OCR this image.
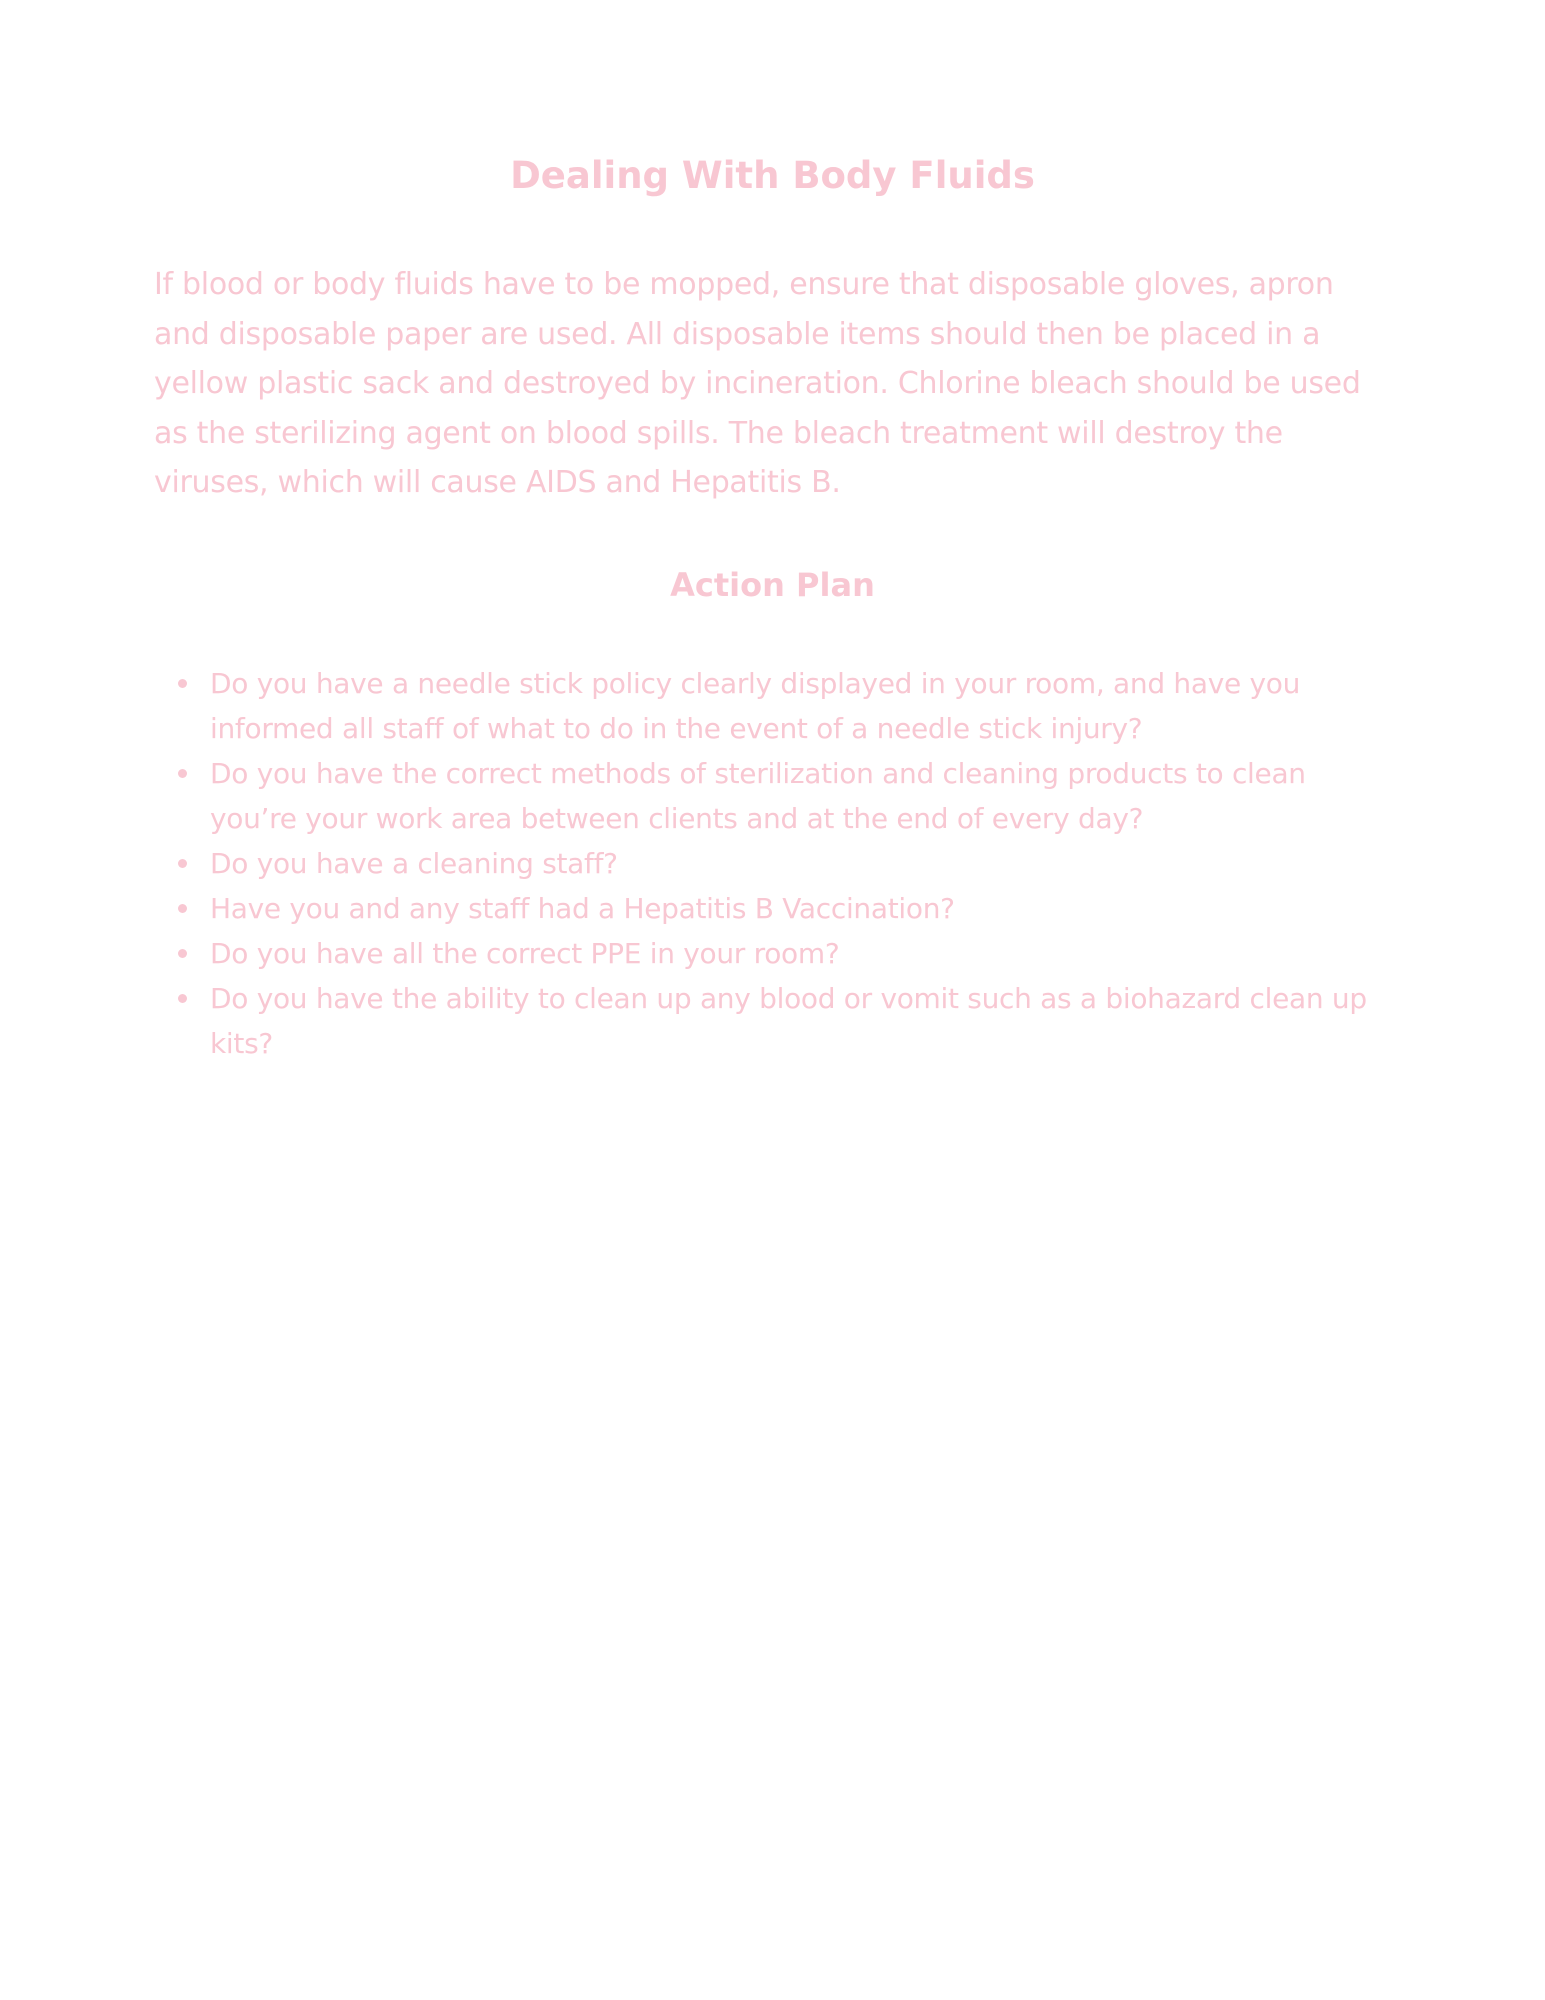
Dealing With Body Fluids

If blood or body fluids have to be mopped, ensure that disposable gloves, apron and disposable paper are used. All disposable items should then be placed in a yellow plastic sack and destroyed by incineration. Chlorine bleach should be used as the sterilizing agent on blood spills. The bleach treatment will destroy the viruses, which will cause AIDS and Hepatitis B.

Action Plan
Do you have a needle stick policy clearly displayed in your room, and have you informed all staff of what to do in the event of a needle stick injury?
Do you have the correct methods of sterilization and cleaning products to clean you’re your work area between clients and at the end of every day?
Do you have a cleaning staff?
Have you and any staff had a Hepatitis B Vaccination?
Do you have all the correct PPE in your room?
Do you have the ability to clean up any blood or vomit such as a biohazard clean up kits?
